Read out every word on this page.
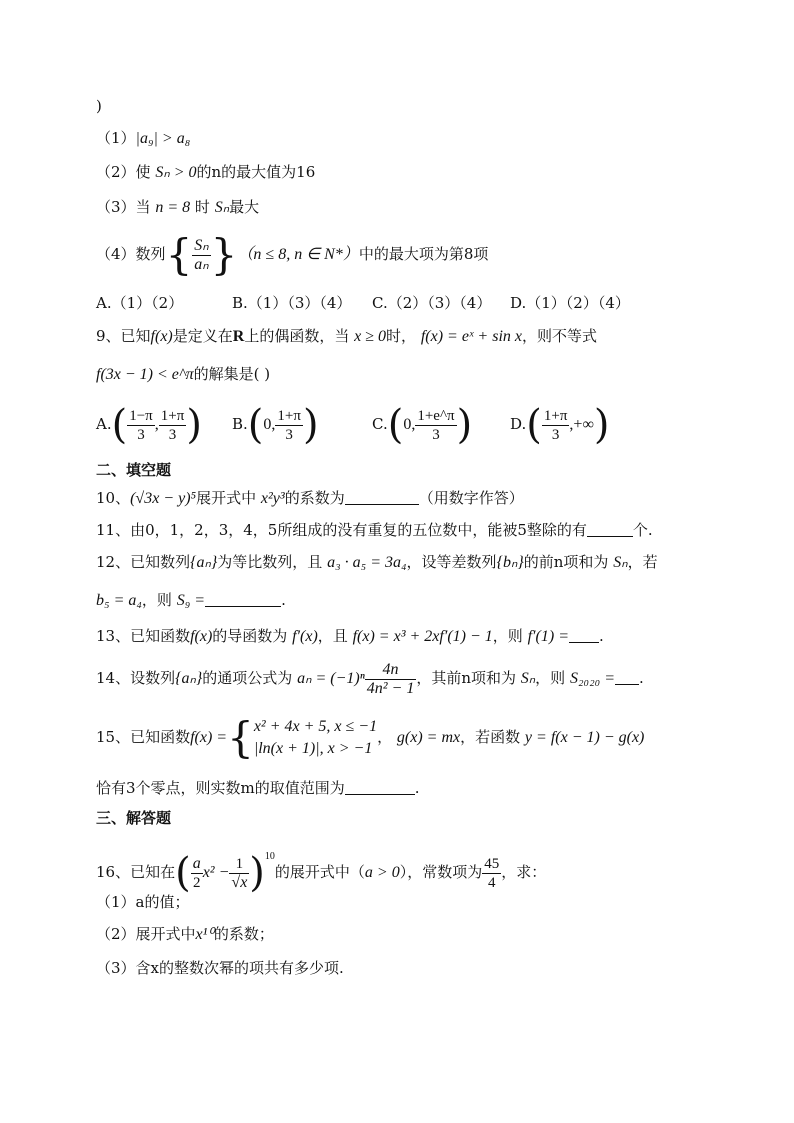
)
（1）|a₉| > a₈
（2）使 Sₙ > 0的n的最大值为16
（3）当 n = 8 时 Sₙ最大
（4）数列{ $\frac{\text{Sₙ}}{\text{aₙ}} \}(n \le 8$, n ∈ N*）中的最大项为第8项
A.（1）（2）	B.（1）（3）（4） C.（2）（3）（4） D.（1）（2）（4）
9、已知f(x)是定义在R上的偶函数，当 x ≥ 0时， f(x) = eˣ + sin x，则不等式
f(3x − 1) < e^π的解集是( )
$A.( \frac{1-\pi}{3}$ , $\frac{1+\pi}{3}$ ) B.(0, $\frac{1+\pi}{3}$ )	C.(0, $\frac{1+e\^{}\pi}{3}$ )	$D.( \frac{1+\pi}{3}$ ,+∞)
二、填空题
10、(√3x − y)⁵展开式中 x²y³的系数为	（用数字作答）
11、由0，1，2，3，4，5所组成的没有重复的五位数中，能被5整除的有	个.
12、已知数列{aₙ}为等比数列，且 a₃ · a₅ = 3a₄，设等差数列{bₙ}的前n项和为 Sₙ，若
b₅ = a₄，则 S₉ =	.
13、已知函数f(x)的导函数为 f′(x)，且 f(x) = x³ + 2xf′(1) − 1，则 f′(1) = .
14、设数列{aₙ}的通项公式为 $a_n = (-1)^n \frac{4n}{\text{4n² − 1}}$ ，其前n项和为 Sₙ，则 S₂₀₂₀ = .
15、已知函数f(x) ={ x² + 4x + 5, x ≤ −1
|ln(x + 1)|, x > −1
， g(x) = mx，若函数 y = f(x − 1) − g(x)
恰有3个零点，则实数m的取值范围为	.
三、解答题
16、已知在( $\frac{a}{2} x^2 - \frac{1}{√x} )^{10}$的展开式中（a > 0），常数项为 $\frac{45}{4}$ ，求：
（1）a的值；
（2）展开式中x¹⁰的系数；
（3）含x的整数次幂的项共有多少项.
